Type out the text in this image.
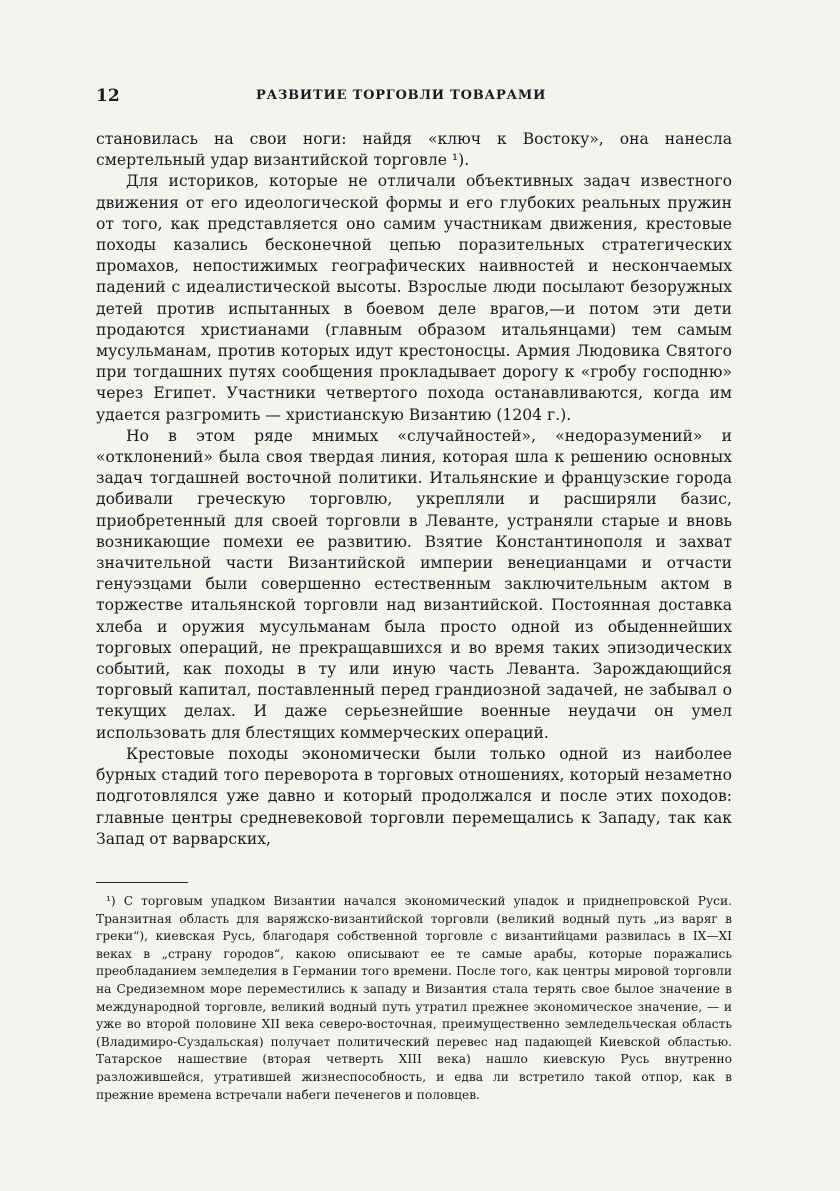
12	РАЗВИТИЕ ТОРГОВЛИ ТОВАРАМИ

становилась на свои ноги: найдя «ключ к Востоку», она нанесла смертельный удар византийской торговле ¹).

Для историков, которые не отличали объективных задач известного движения от его идеологической формы и его глубоких реальных пружин от того, как представляется оно самим участникам движения, крестовые походы казались бесконечной цепью поразительных стратегических промахов, непостижимых географических наивностей и нескончаемых падений с идеалистической высоты. Взрослые люди посылают безоружных детей против испытанных в боевом деле врагов,—и потом эти дети продаются христианами (главным образом итальянцами) тем самым мусульманам, против которых идут крестоносцы. Армия Людовика Святого при тогдашних путях сообщения прокладывает дорогу к «гробу господню» через Египет. Участники четвертого похода останавливаются, когда им удается разгромить — христианскую Византию (1204 г.).

Но в этом ряде мнимых «случайностей», «недоразумений» и «отклонений» была своя твердая линия, которая шла к решению основных задач тогдашней восточной политики. Итальянские и французские города добивали греческую торговлю, укрепляли и расширяли базис, приобретенный для своей торговли в Леванте, устраняли старые и вновь возникающие помехи ее развитию. Взятие Константинополя и захват значительной части Византийской империи венецианцами и отчасти генуэзцами были совершенно естественным заключительным актом в торжестве итальянской торговли над византийской. Постоянная доставка хлеба и оружия мусульманам была просто одной из обыденнейших торговых операций, не прекращавшихся и во время таких эпизодических событий, как походы в ту или иную часть Леванта. Зарождающийся торговый капитал, поставленный перед грандиозной задачей, не забывал о текущих делах. И даже серьезнейшие военные неудачи он умел использовать для блестящих коммерческих операций.

Крестовые походы экономически были только одной из наиболее бурных стадий того переворота в торговых отношениях, который незаметно подготовлялся уже давно и который продолжался и после этих походов: главные центры средневековой торговли перемещались к Западу, так как Запад от варварских,

¹) С торговым упадком Византии начался экономический упадок и приднепровской Руси. Транзитная область для варяжско-византийской торговли (великий водный путь „из варяг в греки“), киевская Русь, благодаря собственной торговле с византийцами развилась в IX—XI веках в „страну городов“, какою описывают ее те самые арабы, которые поражались преобладанием земледелия в Германии того времени. После того, как центры мировой торговли на Средиземном море переместились к западу и Византия стала терять свое былое значение в международной торговле, великий водный путь утратил прежнее экономическое значение, — и уже во второй половине XII века северо-восточная, преимущественно земледельческая область (Владимиро-Суздальская) получает политический перевес над падающей Киевской областью. Татарское нашествие (вторая четверть XIII века) нашло киевскую Русь внутренно разложившейся, утратившей жизнеспособность, и едва ли встретило такой отпор, как в прежние времена встречали набеги печенегов и половцев.
